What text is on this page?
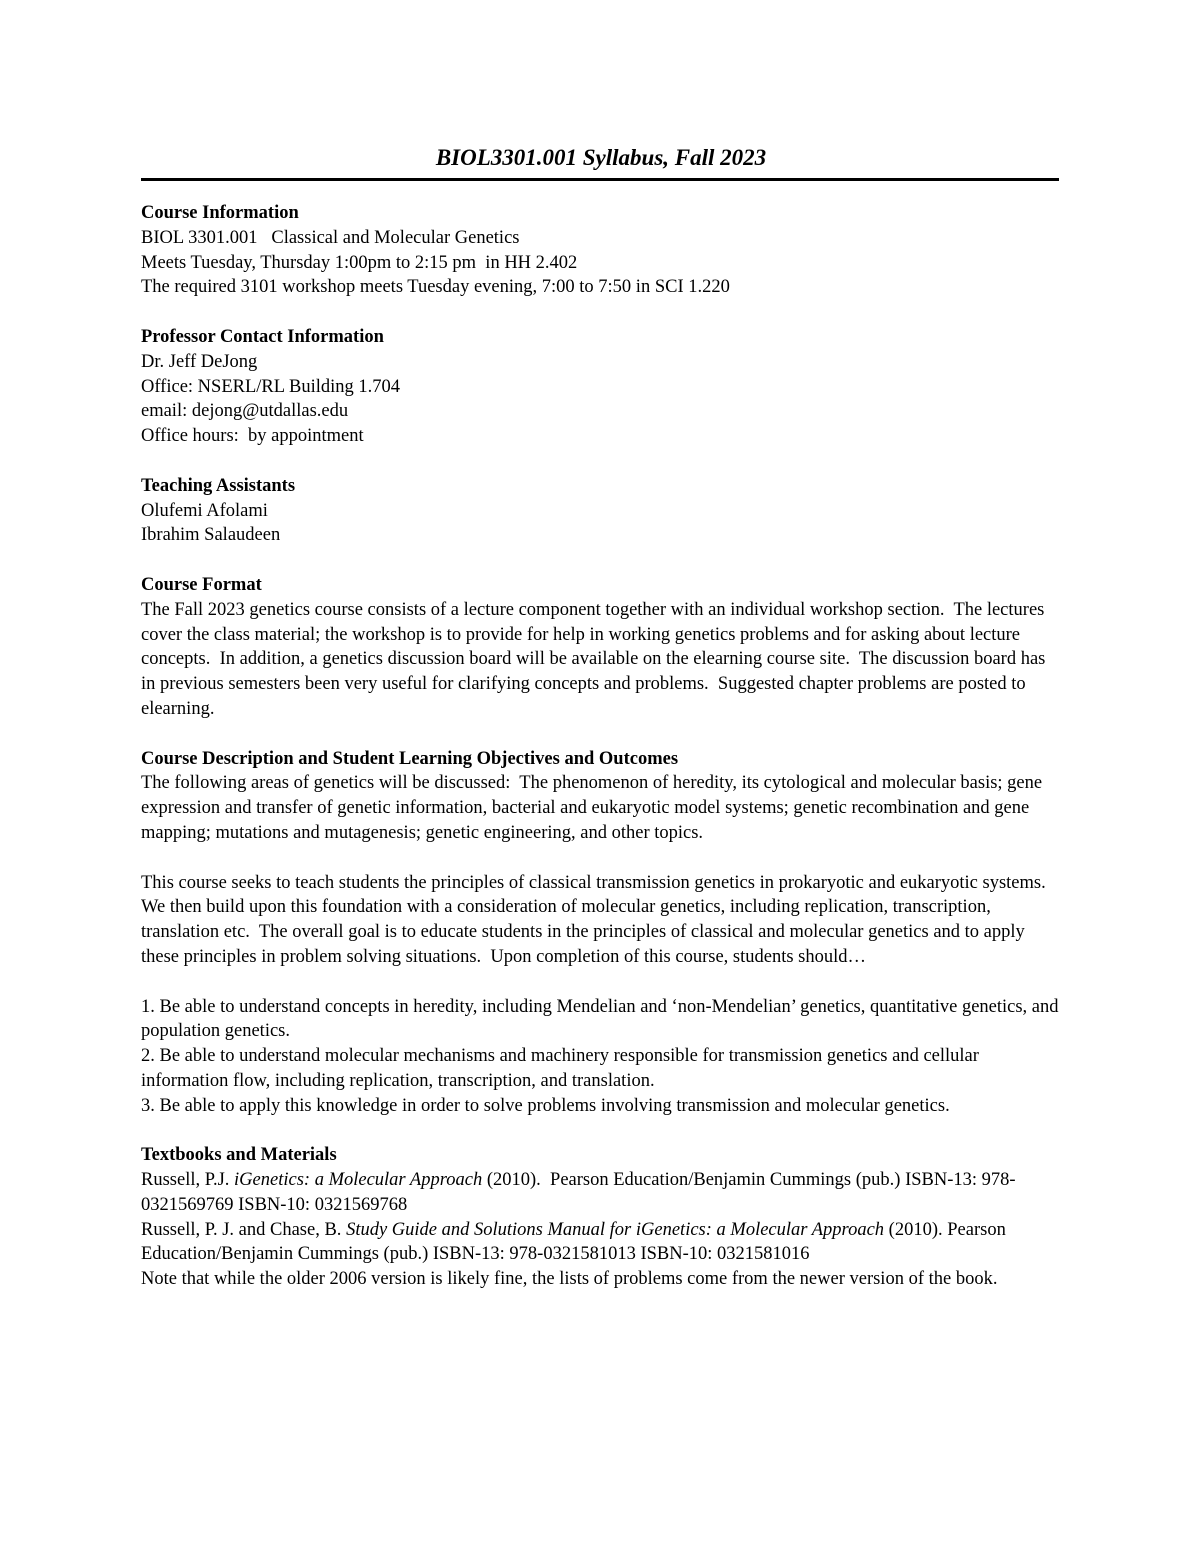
BIOL3301.001 Syllabus, Fall 2023

Course Information

BIOL 3301.001   Classical and Molecular Genetics

Meets Tuesday, Thursday 1:00pm to 2:15 pm  in HH 2.402

The required 3101 workshop meets Tuesday evening, 7:00 to 7:50 in SCI 1.220

Professor Contact Information

Dr. Jeff DeJong

Office: NSERL/RL Building 1.704

email: dejong@utdallas.edu

Office hours:  by appointment

Teaching Assistants

Olufemi Afolami

Ibrahim Salaudeen

Course Format

The Fall 2023 genetics course consists of a lecture component together with an individual workshop section.  The lectures cover the class material; the workshop is to provide for help in working genetics problems and for asking about lecture concepts.  In addition, a genetics discussion board will be available on the elearning course site.  The discussion board has in previous semesters been very useful for clarifying concepts and problems.  Suggested chapter problems are posted to elearning.

Course Description and Student Learning Objectives and Outcomes

The following areas of genetics will be discussed:  The phenomenon of heredity, its cytological and molecular basis; gene expression and transfer of genetic information, bacterial and eukaryotic model systems; genetic recombination and gene mapping; mutations and mutagenesis; genetic engineering, and other topics.

This course seeks to teach students the principles of classical transmission genetics in prokaryotic and eukaryotic systems. We then build upon this foundation with a consideration of molecular genetics, including replication, transcription, translation etc.  The overall goal is to educate students in the principles of classical and molecular genetics and to apply these principles in problem solving situations.  Upon completion of this course, students should…

1. Be able to understand concepts in heredity, including Mendelian and ‘non-Mendelian’ genetics, quantitative genetics, and population genetics.

2. Be able to understand molecular mechanisms and machinery responsible for transmission genetics and cellular information flow, including replication, transcription, and translation.

3. Be able to apply this knowledge in order to solve problems involving transmission and molecular genetics.

Textbooks and Materials

Russell, P.J. iGenetics: a Molecular Approach (2010).  Pearson Education/Benjamin Cummings (pub.) ISBN-13: 978-0321569769 ISBN-10: 0321569768

Russell, P. J. and Chase, B. Study Guide and Solutions Manual for iGenetics: a Molecular Approach (2010). Pearson Education/Benjamin Cummings (pub.) ISBN-13: 978-0321581013 ISBN-10: 0321581016

Note that while the older 2006 version is likely fine, the lists of problems come from the newer version of the book.
